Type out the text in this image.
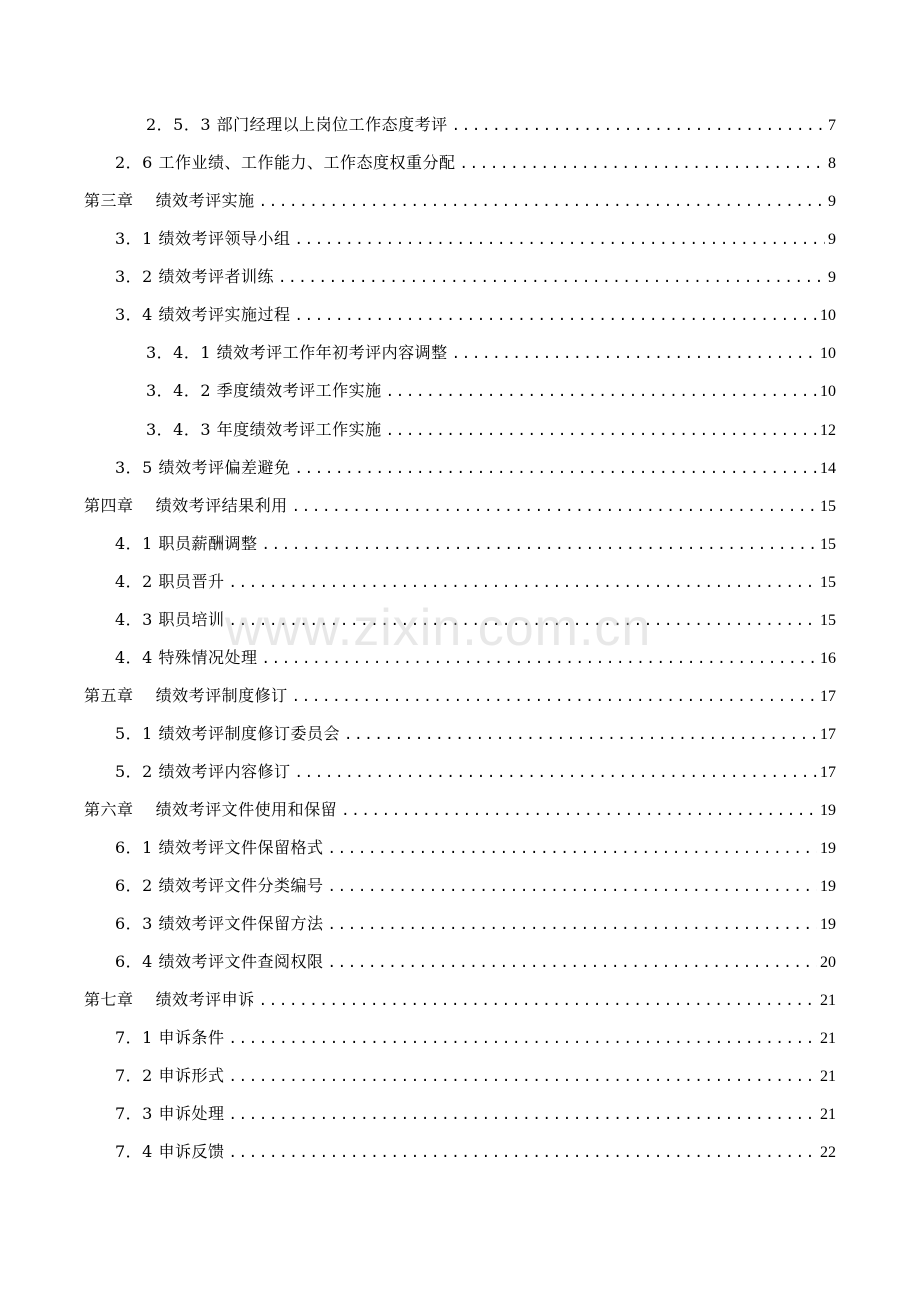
2．5．3 部门经理以上岗位工作态度考评 .....	7
2．6 工作业绩、工作能力、工作态度权重分配 .....	8
第三章　 绩效考评实施 .....	9
3．1 绩效考评领导小组 .....	9
3．2 绩效考评者训练 .....	9
3．4 绩效考评实施过程 .....	10
3．4．1 绩效考评工作年初考评内容调整 .....	10
3．4．2 季度绩效考评工作实施 .....	10
3．4．3 年度绩效考评工作实施 .....	12
3．5 绩效考评偏差避免 .....	14
第四章　 绩效考评结果利用 .....	15
4．1 职员薪酬调整 .....	15
4．2 职员晋升 .....	15
4．3 职员培训 .....	15
4．4 特殊情况处理 .....	16
第五章　 绩效考评制度修订 .....	17
5．1 绩效考评制度修订委员会 .....	17
5．2 绩效考评内容修订 .....	17
第六章　 绩效考评文件使用和保留 .....	19
6．1 绩效考评文件保留格式 .....	19
6．2 绩效考评文件分类编号 .....	19
6．3 绩效考评文件保留方法 .....	19
6．4 绩效考评文件查阅权限 .....	20
第七章　 绩效考评申诉 .....	21
7．1 申诉条件 .....	21
7．2 申诉形式 .....	21
7．3 申诉处理 .....	21
7．4 申诉反馈 .....	22
www.zixin.com.cn
